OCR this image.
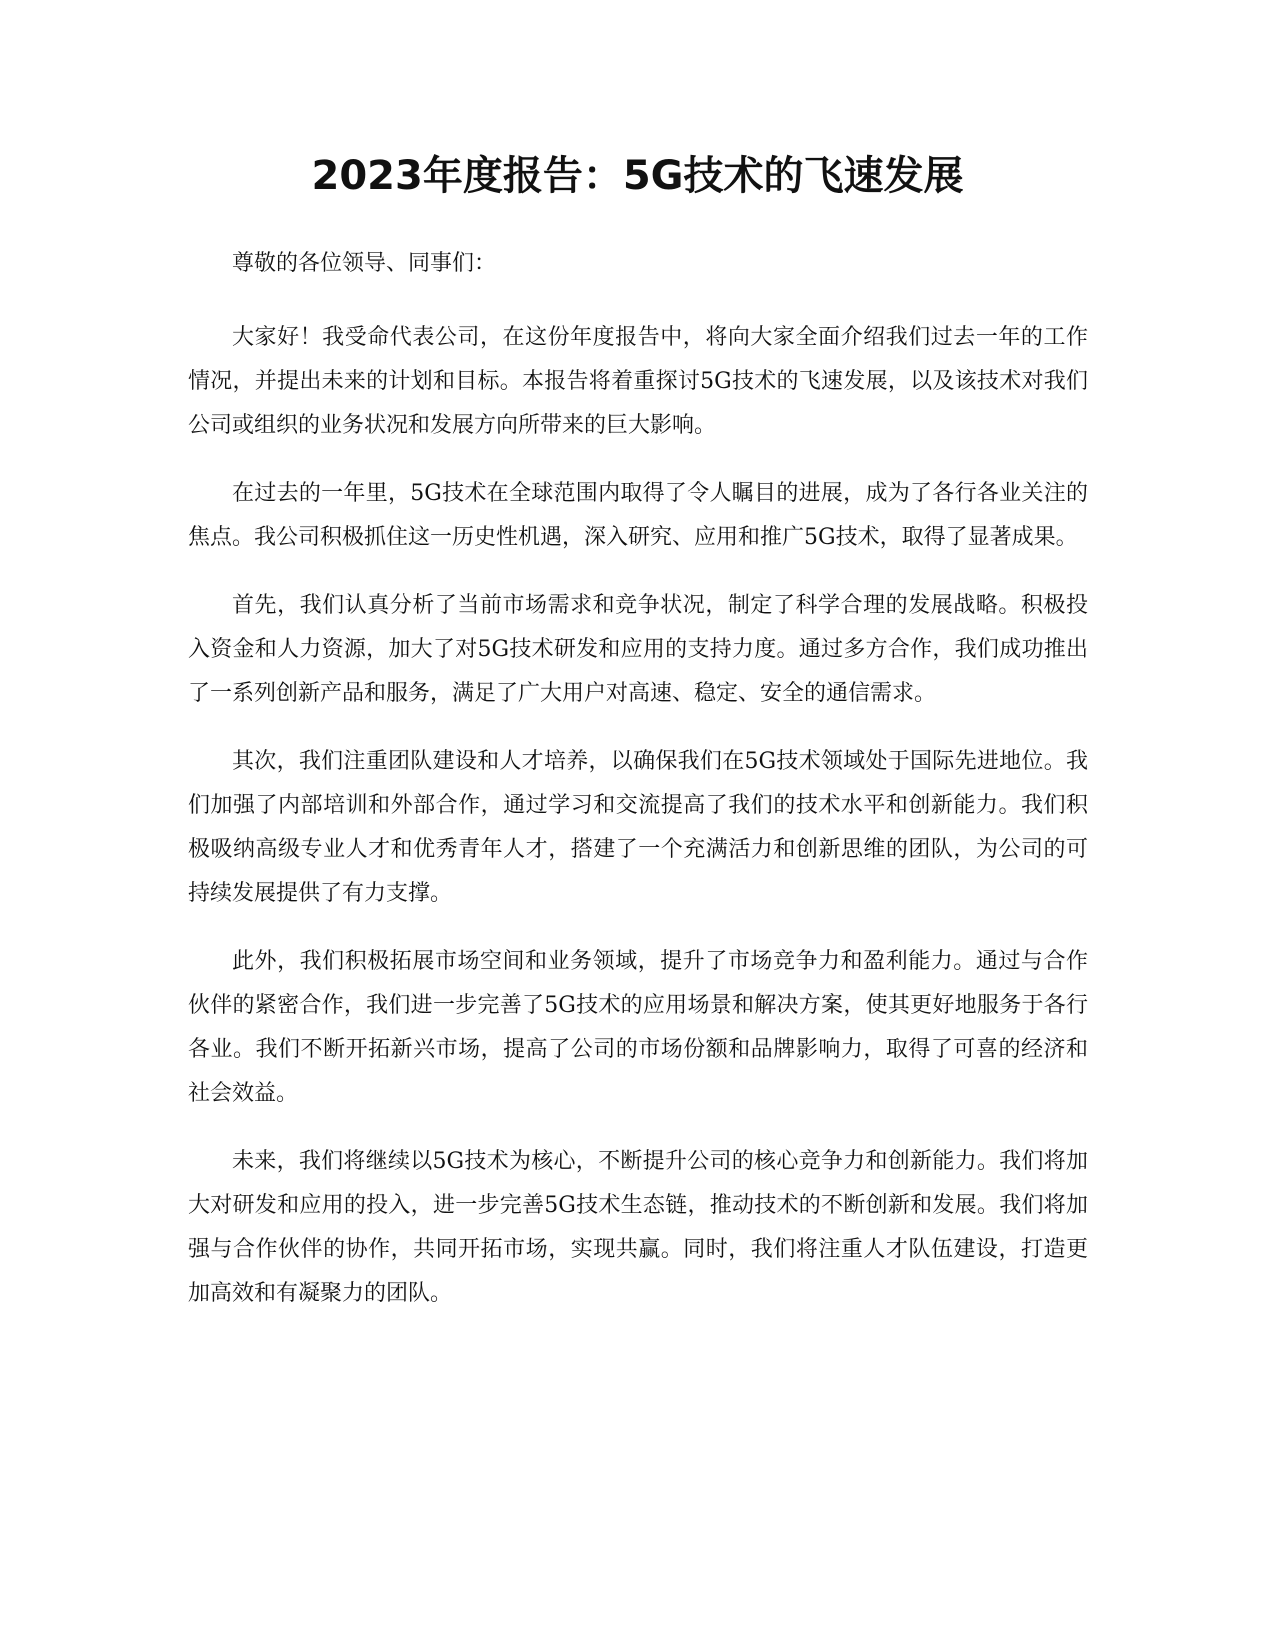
2023年度报告：5G技术的飞速发展

尊敬的各位领导、同事们：

大家好！我受命代表公司，在这份年度报告中，将向大家全面介绍我们过去一年的工作情况，并提出未来的计划和目标。本报告将着重探讨5G技术的飞速发展，以及该技术对我们公司或组织的业务状况和发展方向所带来的巨大影响。

在过去的一年里，5G技术在全球范围内取得了令人瞩目的进展，成为了各行各业关注的焦点。我公司积极抓住这一历史性机遇，深入研究、应用和推广5G技术，取得了显著成果。

首先，我们认真分析了当前市场需求和竞争状况，制定了科学合理的发展战略。积极投入资金和人力资源，加大了对5G技术研发和应用的支持力度。通过多方合作，我们成功推出了一系列创新产品和服务，满足了广大用户对高速、稳定、安全的通信需求。

其次，我们注重团队建设和人才培养，以确保我们在5G技术领域处于国际先进地位。我们加强了内部培训和外部合作，通过学习和交流提高了我们的技术水平和创新能力。我们积极吸纳高级专业人才和优秀青年人才，搭建了一个充满活力和创新思维的团队，为公司的可持续发展提供了有力支撑。

此外，我们积极拓展市场空间和业务领域，提升了市场竞争力和盈利能力。通过与合作伙伴的紧密合作，我们进一步完善了5G技术的应用场景和解决方案，使其更好地服务于各行各业。我们不断开拓新兴市场，提高了公司的市场份额和品牌影响力，取得了可喜的经济和社会效益。

未来，我们将继续以5G技术为核心，不断提升公司的核心竞争力和创新能力。我们将加大对研发和应用的投入，进一步完善5G技术生态链，推动技术的不断创新和发展。我们将加强与合作伙伴的协作，共同开拓市场，实现共赢。同时，我们将注重人才队伍建设，打造更加高效和有凝聚力的团队。
